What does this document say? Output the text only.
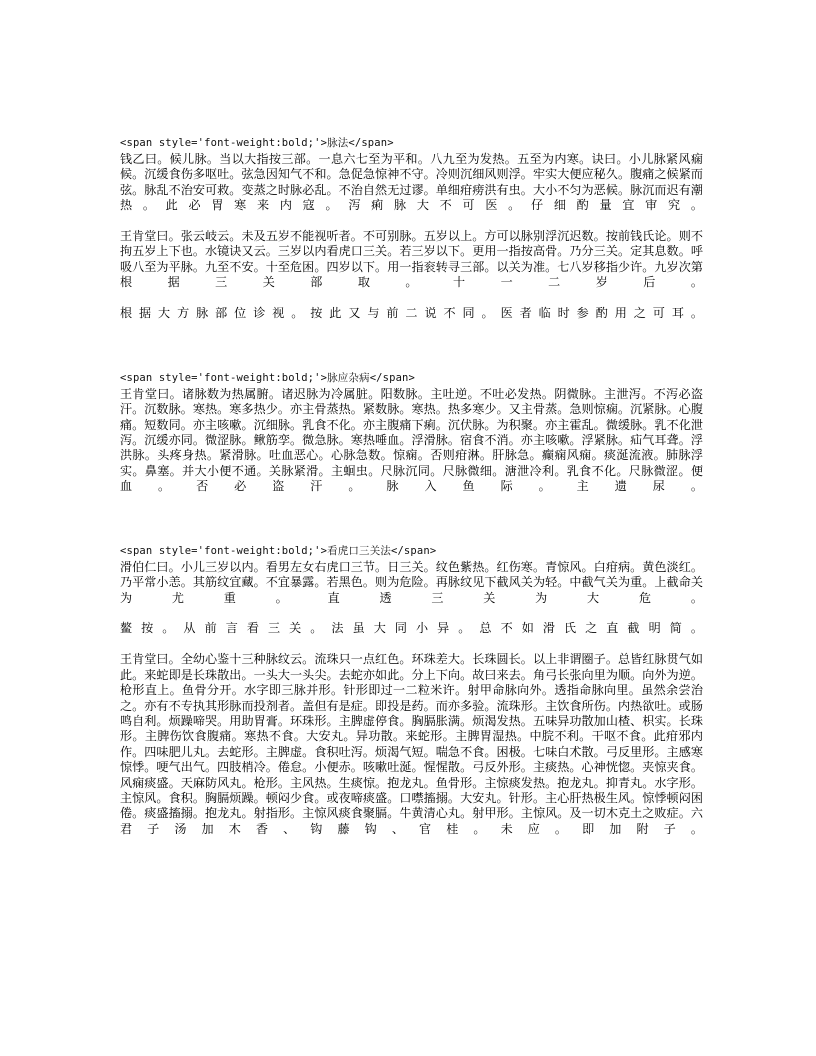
<span style='font-weight:bold;'>脉法</span>

钱乙曰。候儿脉。当以大指按三部。一息六七至为平和。八九至为发热。五至为内寒。诀曰。小儿脉紧风痫候。沉缓食伤多呕吐。弦急因知气不和。急促急惊神不守。冷则沉细风则浮。牢实大便应秘久。腹痛之候紧而弦。脉乱不治安可救。变蒸之时脉必乱。不治自然无过谬。单细疳痨洪有虫。大小不匀为恶候。脉沉而迟有潮热。此必胃寒来内寇。泻痢脉大不可医。仔细酌量宜审究。

王肯堂曰。张云岐云。未及五岁不能视听者。不可别脉。五岁以上。方可以脉别浮沉迟数。按前钱氏论。则不拘五岁上下也。水镜诀又云。三岁以内看虎口三关。若三岁以下。更用一指按高骨。乃分三关。定其息数。呼吸八至为平脉。九至不安。十至危困。四岁以下。用一指衮转寻三部。以关为准。七八岁移指少许。九岁次第根据三关部取。十一二岁后。

根据大方脉部位诊视。按此又与前二说不同。医者临时参酌用之可耳。

<span style='font-weight:bold;'>脉应杂病</span>

王肯堂曰。诸脉数为热属腑。诸迟脉为冷属脏。阳数脉。主吐逆。不吐必发热。阴微脉。主泄泻。不泻必盗汗。沉数脉。寒热。寒多热少。亦主骨蒸热。紧数脉。寒热。热多寒少。又主骨蒸。急则惊痫。沉紧脉。心腹痛。短数同。亦主咳嗽。沉细脉。乳食不化。亦主腹痛下痢。沉伏脉。为积聚。亦主霍乱。微缓脉。乳不化泄泻。沉缓亦同。微涩脉。鳅筋孪。微急脉。寒热唾血。浮滑脉。宿食不消。亦主咳嗽。浮紧脉。疝气耳聋。浮洪脉。头疼身热。紧滑脉。吐血恶心。心脉急数。惊痫。否则疳淋。肝脉急。癫痫风痫。痰涎流液。肺脉浮实。鼻塞。并大小便不通。关脉紧滑。主蛔虫。尺脉沉同。尺脉微细。溏泄冷利。乳食不化。尺脉微涩。便血。否必盗汗。脉入鱼际。主遗尿。

<span style='font-weight:bold;'>看虎口三关法</span>

滑伯仁曰。小儿三岁以内。看男左女右虎口三节。日三关。纹色紫热。红伤寒。青惊风。白疳病。黄色淡红。乃平常小恙。其筋纹宜藏。不宜暴露。若黑色。则为危险。再脉纹见下截风关为轻。中截气关为重。上截命关为尤重。直透三关为大危。

鳌按。从前言看三关。法虽大同小异。总不如滑氏之直截明简。

王肯堂曰。全幼心鉴十三种脉纹云。流珠只一点红色。环珠差大。长珠圆长。以上非谓圈子。总皆红脉贯气如此。来蛇即是长珠散出。一头大一头尖。去蛇亦如此。分上下向。故曰来去。角弓长张向里为顺。向外为逆。枪形直上。鱼骨分开。水字即三脉并形。针形即过一二粒米许。射甲命脉向外。透指命脉向里。虽然余尝治之。亦有不专执其形脉而投剂者。盖但有是症。即投是药。而亦多验。流珠形。主饮食所伤。内热欲吐。或肠鸣自利。烦躁啼哭。用助胃膏。环珠形。主脾虚停食。胸膈胀满。烦渴发热。五味异功散加山楂、枳实。长珠形。主脾伤饮食腹痛。寒热不食。大安丸。异功散。来蛇形。主脾胃湿热。中脘不利。干呕不食。此疳邪内作。四味肥儿丸。去蛇形。主脾虚。食积吐泻。烦渴气短。喘急不食。困极。七味白术散。弓反里形。主感寒惊悸。哽气出气。四肢梢冷。倦怠。小便赤。咳嗽吐涎。惺惺散。弓反外形。主痰热。心神恍惚。夹惊夹食。风痫痰盛。天麻防风丸。枪形。主风热。生痰惊。抱龙丸。鱼骨形。主惊痰发热。抱龙丸。抑青丸。水字形。主惊风。食积。胸膈烦躁。顿闷少食。或夜啼痰盛。口噤搐搦。大安丸。针形。主心肝热极生风。惊悸顿闷困倦。痰盛搐搦。抱龙丸。射指形。主惊风痰食聚膈。牛黄清心丸。射甲形。主惊风。及一切木克土之败症。六君子汤加木香、钩藤钩、官桂。未应。即加附子。
